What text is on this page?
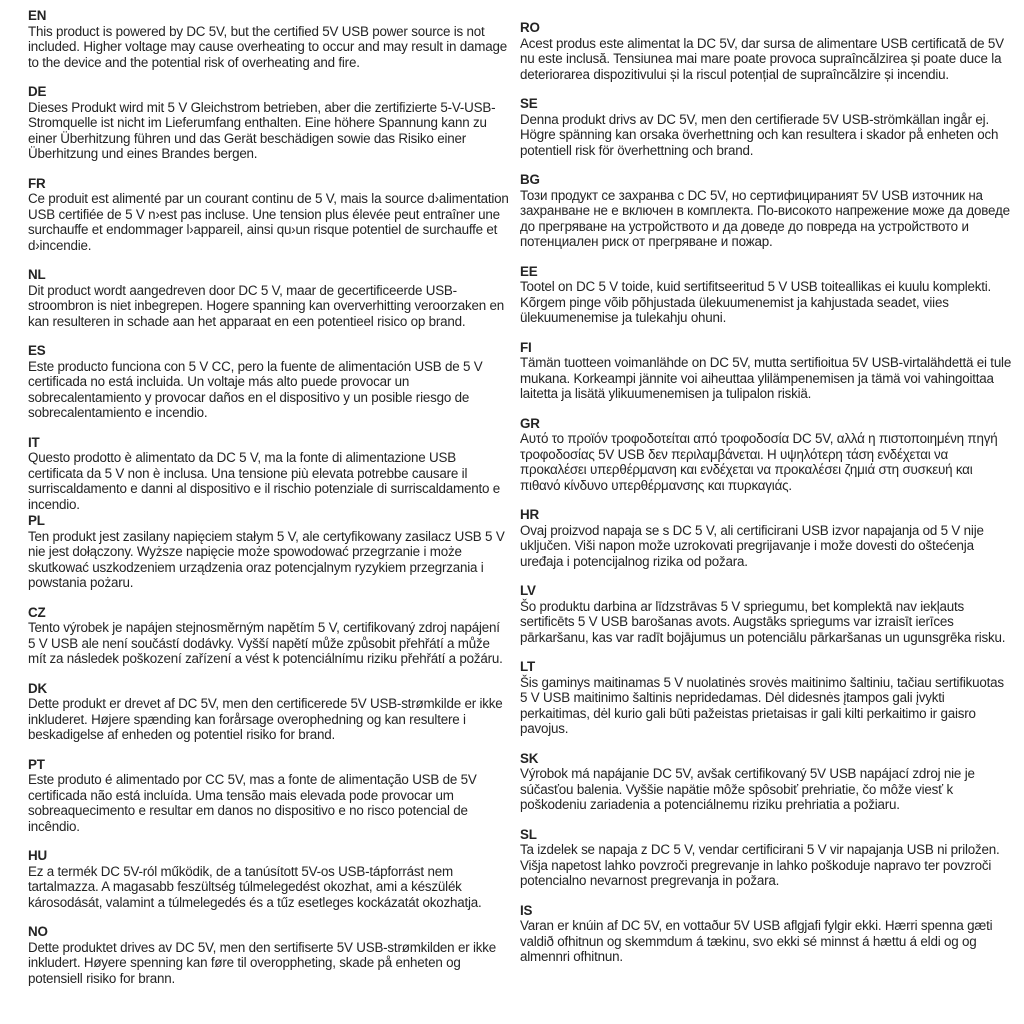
EN

This product is powered by DC 5V, but the certified 5V USB power source is not included. Higher voltage may cause overheating to occur and may result in damage to the device and the potential risk of overheating and fire.

DE

Dieses Produkt wird mit 5 V Gleichstrom betrieben, aber die zertifizierte 5-V-USB-Stromquelle ist nicht im Lieferumfang enthalten. Eine höhere Spannung kann zu einer Überhitzung führen und das Gerät beschädigen sowie das Risiko einer Überhitzung und eines Brandes bergen.

FR

Ce produit est alimenté par un courant continu de 5 V, mais la source d›alimentation USB certifiée de 5 V n›est pas incluse. Une tension plus élevée peut entraîner une surchauffe et endommager l›appareil, ainsi qu›un risque potentiel de surchauffe et d›incendie.

NL

Dit product wordt aangedreven door DC 5 V, maar de gecertificeerde USB-stroombron is niet inbegrepen. Hogere spanning kan oververhitting veroorzaken en kan resulteren in schade aan het apparaat en een potentieel risico op brand.

ES

Este producto funciona con 5 V CC, pero la fuente de alimentación USB de 5 V certificada no está incluida. Un voltaje más alto puede provocar un sobrecalentamiento y provocar daños en el dispositivo y un posible riesgo de sobrecalentamiento e incendio.

IT

Questo prodotto è alimentato da DC 5 V, ma la fonte di alimentazione USB certificata da 5 V non è inclusa. Una tensione più elevata potrebbe causare il surriscaldamento e danni al dispositivo e il rischio potenziale di surriscaldamento e incendio.

PL

Ten produkt jest zasilany napięciem stałym 5 V, ale certyfikowany zasilacz USB 5 V nie jest dołączony. Wyższe napięcie może spowodować przegrzanie i może skutkować uszkodzeniem urządzenia oraz potencjalnym ryzykiem przegrzania i powstania pożaru.

CZ

Tento výrobek je napájen stejnosměrným napětím 5 V, certifikovaný zdroj napájení 5 V USB ale není součástí dodávky. Vyšší napětí může způsobit přehřátí a může mít za následek poškození zařízení a vést k potenciálnímu riziku přehřátí a požáru.

DK

Dette produkt er drevet af DC 5V, men den certificerede 5V USB-strømkilde er ikke inkluderet. Højere spænding kan forårsage overophedning og kan resultere i beskadigelse af enheden og potentiel risiko for brand.

PT

Este produto é alimentado por CC 5V, mas a fonte de alimentação USB de 5V certificada não está incluída. Uma tensão mais elevada pode provocar um sobreaquecimento e resultar em danos no dispositivo e no risco potencial de incêndio.

HU

Ez a termék DC 5V-ról működik, de a tanúsított 5V-os USB-tápforrást nem tartalmazza. A magasabb feszültség túlmelegedést okozhat, ami a készülék károsodását, valamint a túlmelegedés és a tűz esetleges kockázatát okozhatja.

NO

Dette produktet drives av DC 5V, men den sertifiserte 5V USB-strømkilden er ikke inkludert. Høyere spenning kan føre til overoppheting, skade på enheten og potensiell risiko for brann.

RO

Acest produs este alimentat la DC 5V, dar sursa de alimentare USB certificată de 5V nu este inclusă. Tensiunea mai mare poate provoca supraîncălzirea și poate duce la deteriorarea dispozitivului și la riscul potențial de supraîncălzire și incendiu.

SE

Denna produkt drivs av DC 5V, men den certifierade 5V USB-strömkällan ingår ej. Högre spänning kan orsaka överhettning och kan resultera i skador på enheten och potentiell risk för överhettning och brand.

BG

Този продукт се захранва с DC 5V, но сертифицираният 5V USB източник на захранване не е включен в комплекта. По-високото напрежение може да доведе до прегряване на устройството и да доведе до повреда на устройството и потенциален риск от прегряване и пожар.

EE

Tootel on DC 5 V toide, kuid sertifitseeritud 5 V USB toiteallikas ei kuulu komplekti. Kõrgem pinge võib põhjustada ülekuumenemist ja kahjustada seadet, viies ülekuumenemise ja tulekahju ohuni.

FI

Tämän tuotteen voimanlähde on DC 5V, mutta sertifioitua 5V USB-virtalähdettä ei tule mukana. Korkeampi jännite voi aiheuttaa ylilämpenemisen ja tämä voi vahingoittaa laitetta ja lisätä ylikuumenemisen ja tulipalon riskiä.

GR

Αυτό το προϊόν τροφοδοτείται από τροφοδοσία DC 5V, αλλά η πιστοποιημένη πηγή τροφοδοσίας 5V USB δεν περιλαμβάνεται. Η υψηλότερη τάση ενδέχεται να προκαλέσει υπερθέρμανση και ενδέχεται να προκαλέσει ζημιά στη συσκευή και πιθανό κίνδυνο υπερθέρμανσης και πυρκαγιάς.

HR

Ovaj proizvod napaja se s DC 5 V, ali certificirani USB izvor napajanja od 5 V nije uključen. Viši napon može uzrokovati pregrijavanje i može dovesti do oštećenja uređaja i potencijalnog rizika od požara.

LV

Šo produktu darbina ar līdzstrāvas 5 V spriegumu, bet komplektā nav iekļauts sertificēts 5 V USB barošanas avots. Augstāks spriegums var izraisīt ierīces pārkaršanu, kas var radīt bojājumus un potenciālu pārkaršanas un ugunsgrēka risku.

LT

Šis gaminys maitinamas 5 V nuolatinės srovės maitinimo šaltiniu, tačiau sertifikuotas 5 V USB maitinimo šaltinis nepridedamas. Dėl didesnės įtampos gali įvykti perkaitimas, dėl kurio gali būti pažeistas prietaisas ir gali kilti perkaitimo ir gaisro pavojus.

SK

Výrobok má napájanie DC 5V, avšak certifikovaný 5V USB napájací zdroj nie je súčasťou balenia. Vyššie napätie môže spôsobiť prehriatie, čo môže viesť k poškodeniu zariadenia a potenciálnemu riziku prehriatia a požiaru.

SL

Ta izdelek se napaja z DC 5 V, vendar certificirani 5 V vir napajanja USB ni priložen. Višja napetost lahko povzroči pregrevanje in lahko poškoduje napravo ter povzroči potencialno nevarnost pregrevanja in požara.

IS

Varan er knúin af DC 5V, en vottaður 5V USB aflgjafi fylgir ekki. Hærri spenna gæti valdið ofhitnun og skemmdum á tækinu, svo ekki sé minnst á hættu á eldi og og almennri ofhitnun.
